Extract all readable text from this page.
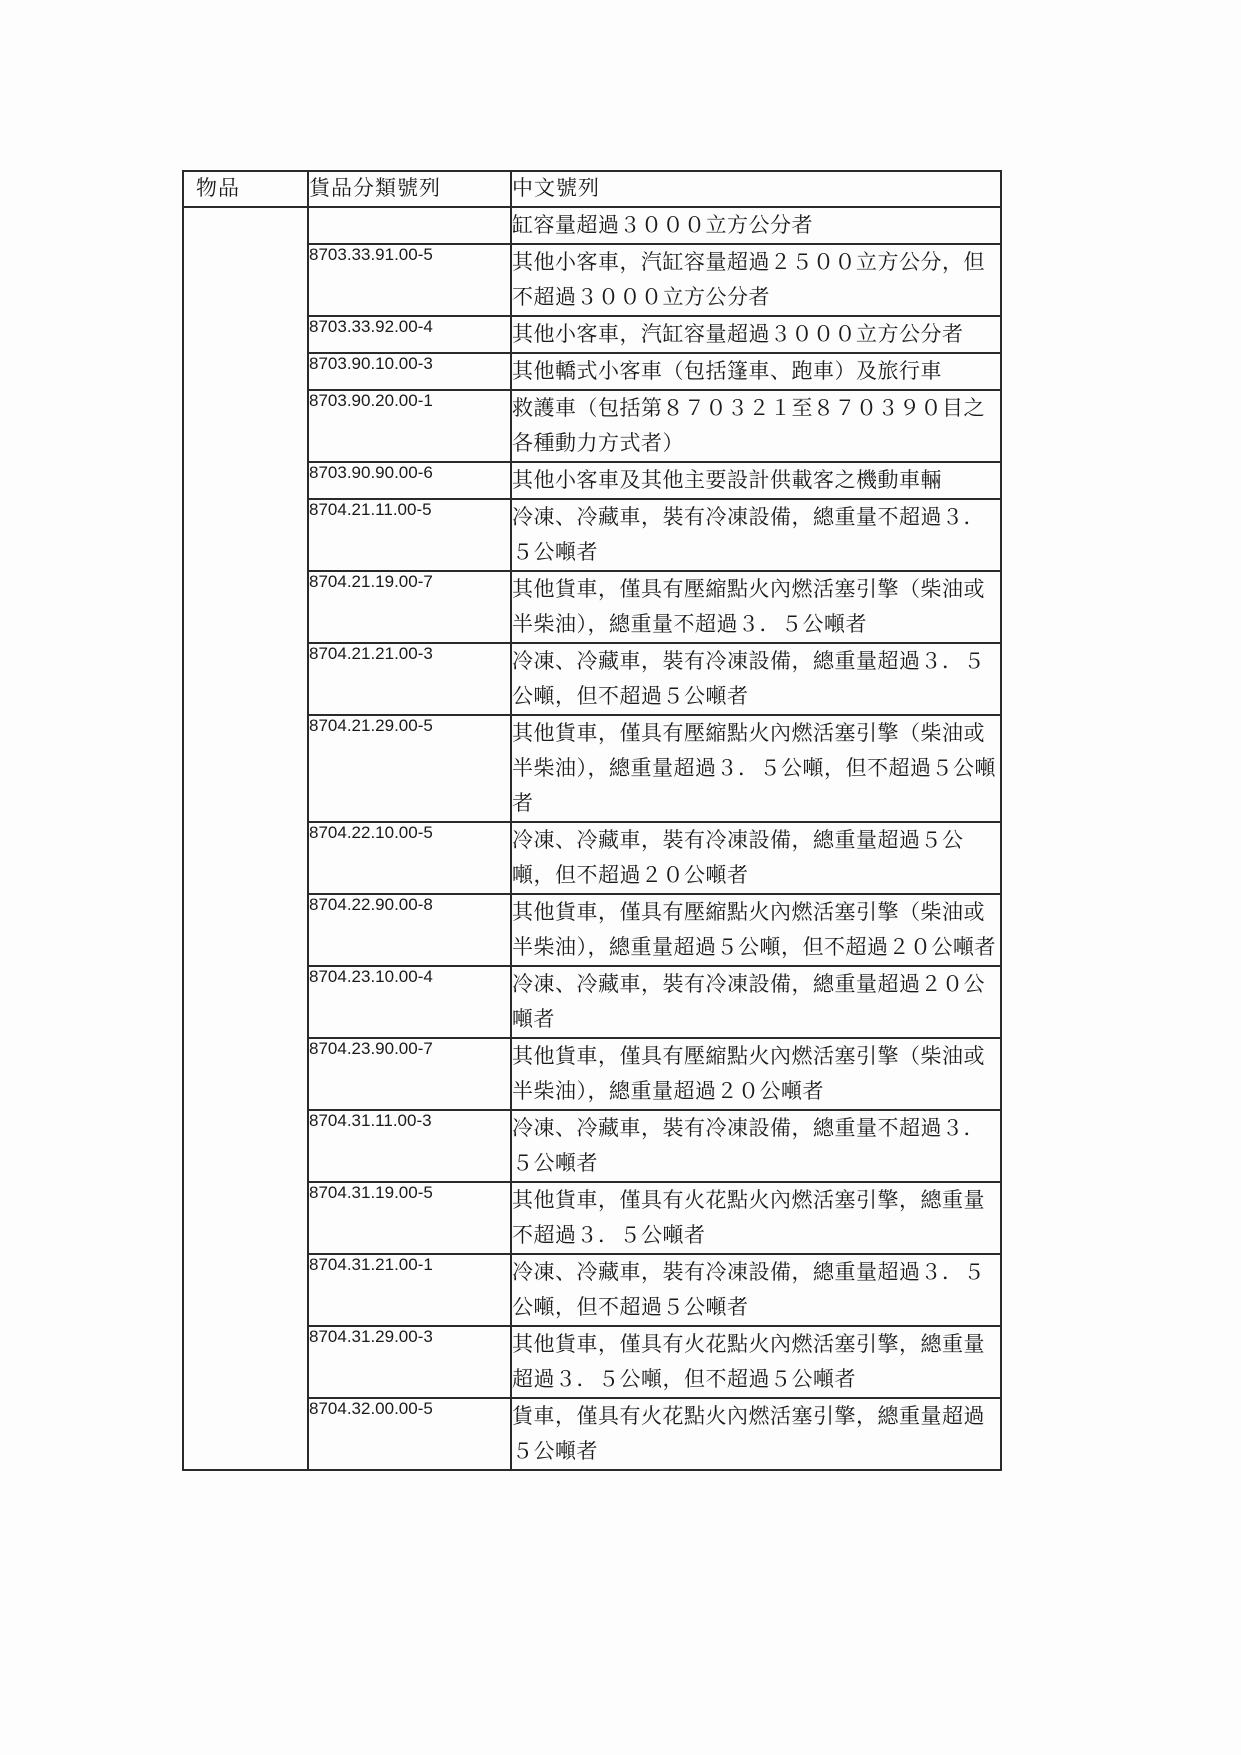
物品	貨品分類號列	中文號列
		缸容量超過３０００立方公分者
	8703.33.91.00-5	其他小客車，汽缸容量超過２５００立方公分，但不超過３０００立方公分者
	8703.33.92.00-4	其他小客車，汽缸容量超過３０００立方公分者
	8703.90.10.00-3	其他轎式小客車（包括篷車、跑車）及旅行車
	8703.90.20.00-1	救護車（包括第８７０３２１至８７０３９０目之各種動力方式者）
	8703.90.90.00-6	其他小客車及其他主要設計供載客之機動車輛
	8704.21.11.00-5	冷凍、冷藏車，裝有冷凍設備，總重量不超過３．５公噸者
	8704.21.19.00-7	其他貨車，僅具有壓縮點火內燃活塞引擎（柴油或半柴油），總重量不超過３．５公噸者
	8704.21.21.00-3	冷凍、冷藏車，裝有冷凍設備，總重量超過３．５公噸，但不超過５公噸者
	8704.21.29.00-5	其他貨車，僅具有壓縮點火內燃活塞引擎（柴油或半柴油），總重量超過３．５公噸，但不超過５公噸者
	8704.22.10.00-5	冷凍、冷藏車，裝有冷凍設備，總重量超過５公噸，但不超過２０公噸者
	8704.22.90.00-8	其他貨車，僅具有壓縮點火內燃活塞引擎（柴油或半柴油），總重量超過５公噸，但不超過２０公噸者
	8704.23.10.00-4	冷凍、冷藏車，裝有冷凍設備，總重量超過２０公噸者
	8704.23.90.00-7	其他貨車，僅具有壓縮點火內燃活塞引擎（柴油或半柴油），總重量超過２０公噸者
	8704.31.11.00-3	冷凍、冷藏車，裝有冷凍設備，總重量不超過３．５公噸者
	8704.31.19.00-5	其他貨車，僅具有火花點火內燃活塞引擎，總重量不超過３．５公噸者
	8704.31.21.00-1	冷凍、冷藏車，裝有冷凍設備，總重量超過３．５公噸，但不超過５公噸者
	8704.31.29.00-3	其他貨車，僅具有火花點火內燃活塞引擎，總重量超過３．５公噸，但不超過５公噸者
	8704.32.00.00-5	貨車，僅具有火花點火內燃活塞引擎，總重量超過５公噸者
